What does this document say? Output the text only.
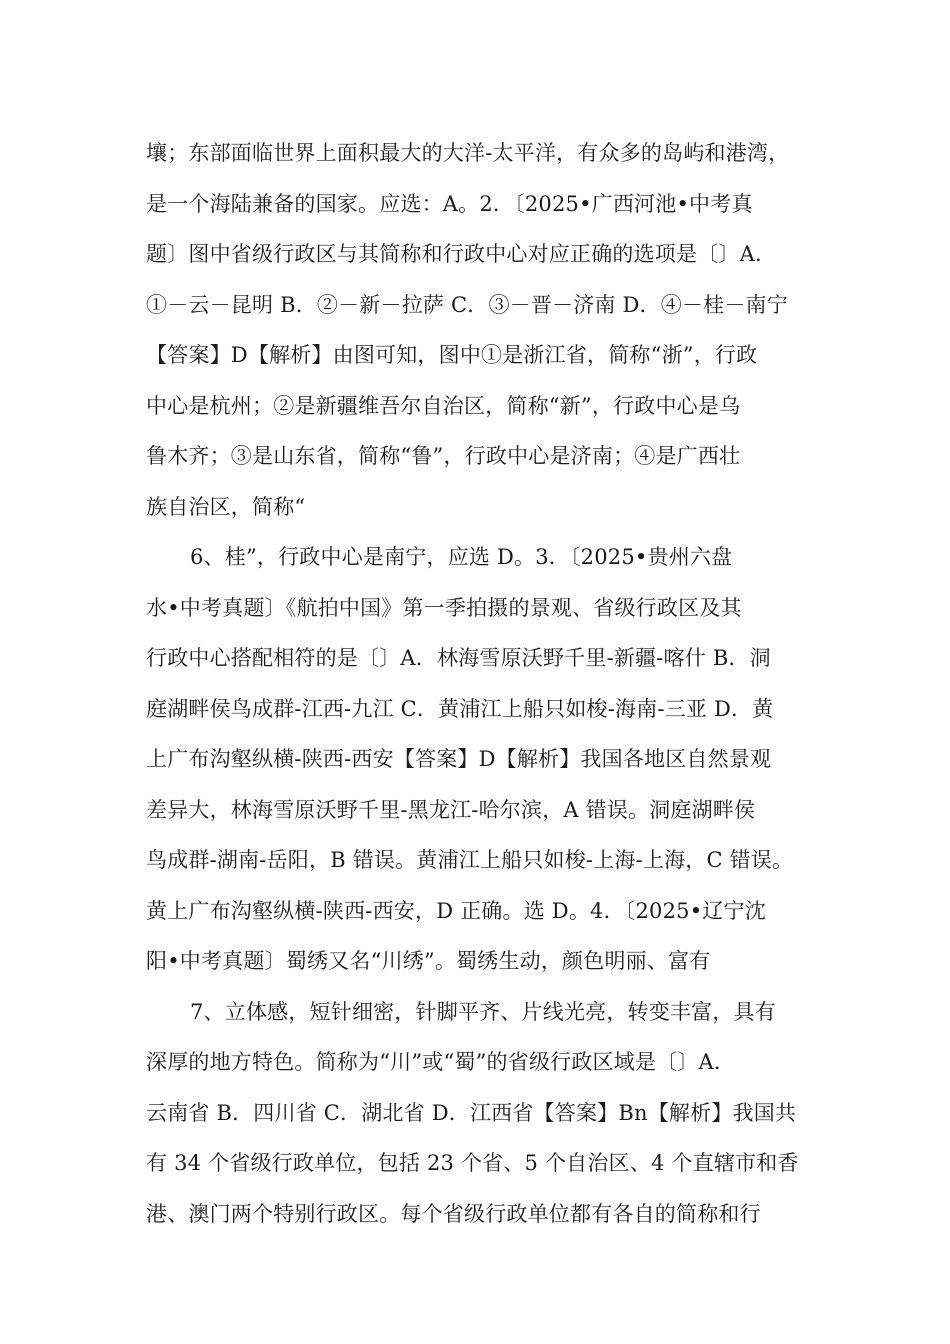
壤；东部面临世界上面积最大的大洋-太平洋，有众多的岛屿和港湾，
是一个海陆兼备的国家。应选：A。2．〔2025•广西河池•中考真
题〕图中省级行政区与其简称和行政中心对应正确的选项是〔〕A．
①－云－昆明 B．②－新－拉萨 C．③－晋－济南 D．④－桂－南宁
【答案】D【解析】由图可知，图中①是浙江省，简称“浙”，行政
中心是杭州；②是新疆维吾尔自治区，简称“新”，行政中心是乌
鲁木齐；③是山东省，简称“鲁”，行政中心是济南；④是广西壮
族自治区，简称“
6、桂”，行政中心是南宁，应选 D。3．〔2025•贵州六盘
水•中考真题〕《航拍中国》第一季拍摄的景观、省级行政区及其
行政中心搭配相符的是〔〕A．林海雪原沃野千里-新疆-喀什 B．洞
庭湖畔侯鸟成群-江西-九江 C．黄浦江上船只如梭-海南-三亚 D．黄
上广布沟壑纵横-陕西-西安【答案】D【解析】我国各地区自然景观
差异大，林海雪原沃野千里-黑龙江-哈尔滨，A 错误。洞庭湖畔侯
鸟成群-湖南-岳阳，B 错误。黄浦江上船只如梭-上海-上海，C 错误。
黄上广布沟壑纵横-陕西-西安，D 正确。选 D。4．〔2025•辽宁沈
阳•中考真题〕蜀绣又名“川绣”。蜀绣生动，颜色明丽、富有
7、立体感，短针细密，针脚平齐、片线光亮，转变丰富，具有
深厚的地方特色。简称为“川”或“蜀”的省级行政区域是〔〕A．
云南省 B．四川省 C．湖北省 D．江西省【答案】Bn【解析】我国共
有 34 个省级行政单位，包括 23 个省、5 个自治区、4 个直辖市和香
港、澳门两个特别行政区。每个省级行政单位都有各自的简称和行
